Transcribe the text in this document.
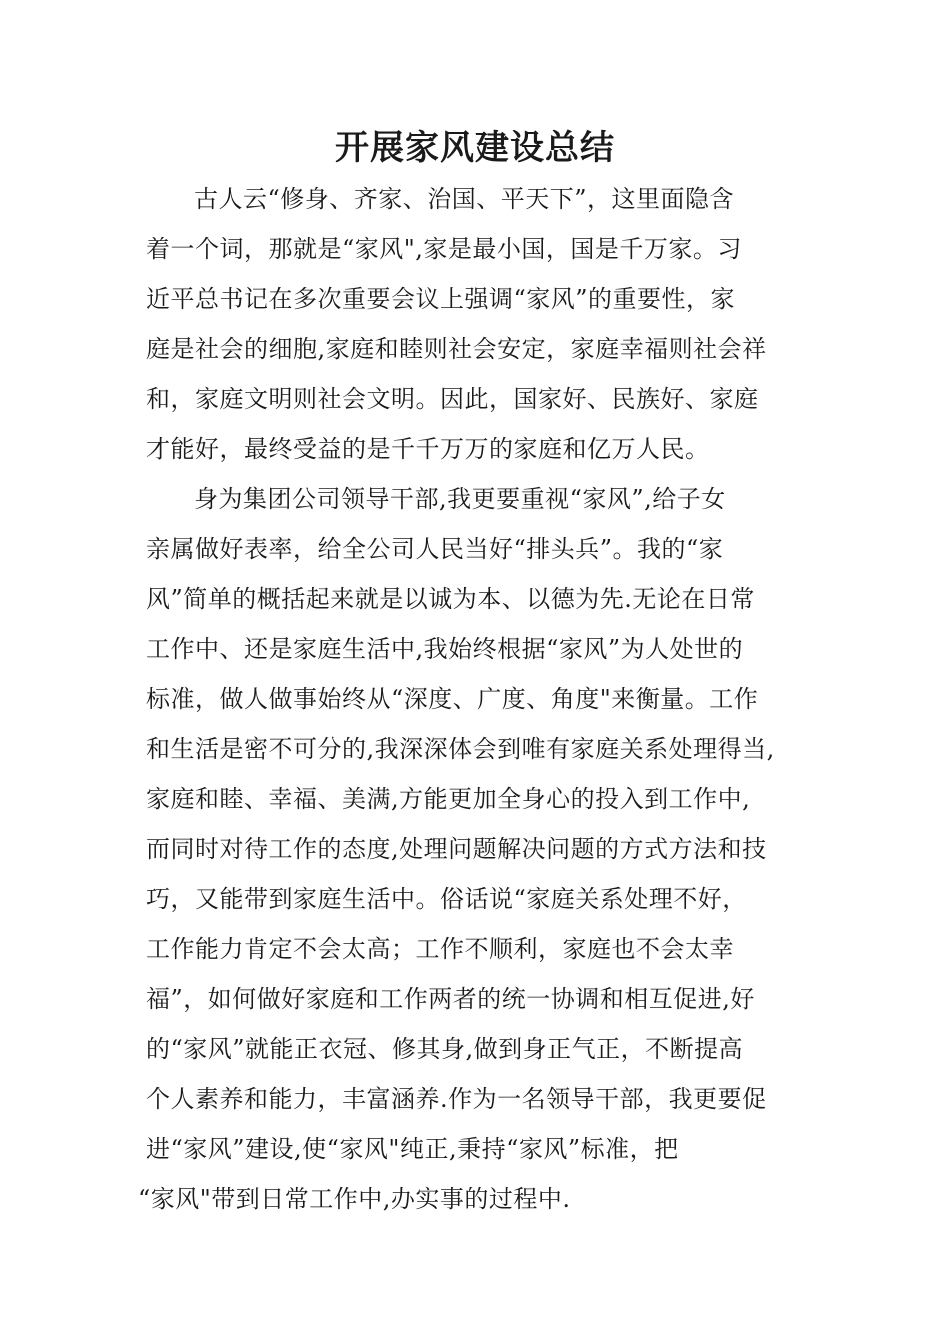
开展家风建设总结
古人云“修身、齐家、治国、平天下”，这里面隐含
着一个词，那就是“家风",家是最小国，国是千万家。习
近平总书记在多次重要会议上强调“家风”的重要性，家
庭是社会的细胞,家庭和睦则社会安定，家庭幸福则社会祥
和，家庭文明则社会文明。因此，国家好、民族好、家庭
才能好，最终受益的是千千万万的家庭和亿万人民。
身为集团公司领导干部,我更要重视“家风”,给子女
亲属做好表率，给全公司人民当好“排头兵”。我的“家
风”简单的概括起来就是以诚为本、以德为先.无论在日常
工作中、还是家庭生活中,我始终根据“家风”为人处世的
标准，做人做事始终从“深度、广度、角度"来衡量。工作
和生活是密不可分的,我深深体会到唯有家庭关系处理得当,
家庭和睦、幸福、美满,方能更加全身心的投入到工作中,
而同时对待工作的态度,处理问题解决问题的方式方法和技
巧，又能带到家庭生活中。俗话说“家庭关系处理不好，
工作能力肯定不会太高；工作不顺利，家庭也不会太幸
福”，如何做好家庭和工作两者的统一协调和相互促进,好
的“家风”就能正衣冠、修其身,做到身正气正，不断提高
个人素养和能力，丰富涵养.作为一名领导干部，我更要促
进“家风”建设,使“家风"纯正,秉持“家风”标准，把
“家风"带到日常工作中,办实事的过程中.
